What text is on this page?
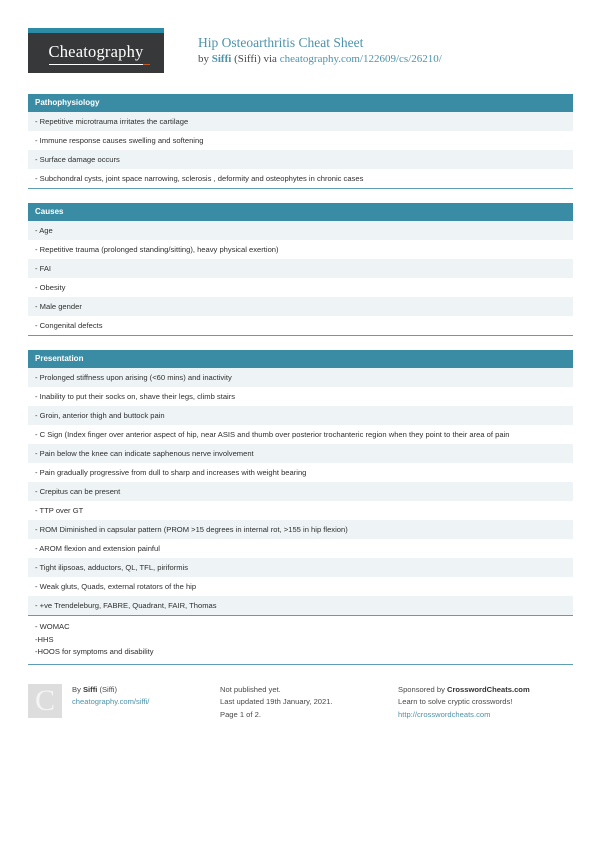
Cheatography	Hip Osteoarthritis Cheat Sheet
by Siffi (Siffi) via cheatography.com/122609/cs/26210/
Pathophysiology
- Repetitive microtrauma irritates the cartilage
- Immune response causes swelling and softening
- Surface damage occurs
- Subchondral cysts, joint space narrowing, sclerosis , deformity and osteophytes in chronic cases
Causes
- Age
- Repetitive trauma (prolonged standing/sitting), heavy physical exertion)
- FAI
- Obesity
- Male gender
- Congenital defects
Presentation
- Prolonged stiffness upon arising (<60 mins) and inactivity
- Inability to put their socks on, shave their legs, climb stairs
- Groin, anterior thigh and buttock pain
- C Sign (Index finger over anterior aspect of hip, near ASIS and thumb over posterior trochanteric region when they point to their area of pain
- Pain below the knee can indicate saphenous nerve involvement
- Pain gradually progressive from dull to sharp and increases with weight bearing
- Crepitus can be present
- TTP over GT
- ROM Diminished in capsular pattern (PROM >15 degrees in internal rot, >155 in hip flexion)
- AROM flexion and extension painful
- Tight ilipsoas, adductors, QL, TFL, piriformis
- Weak gluts, Quads, external rotators of the hip
- +ve Trendeleburg, FABRE, Quadrant, FAIR, Thomas
- WOMAC
-HHS
-HOOS for symptoms and disability
C	By Siffi (Siffi)
cheatography.com/siffi/
Not published yet.
Last updated 19th January, 2021.
Page 1 of 2.
Sponsored by CrosswordCheats.com
Learn to solve cryptic crosswords!
http://crosswordcheats.com
